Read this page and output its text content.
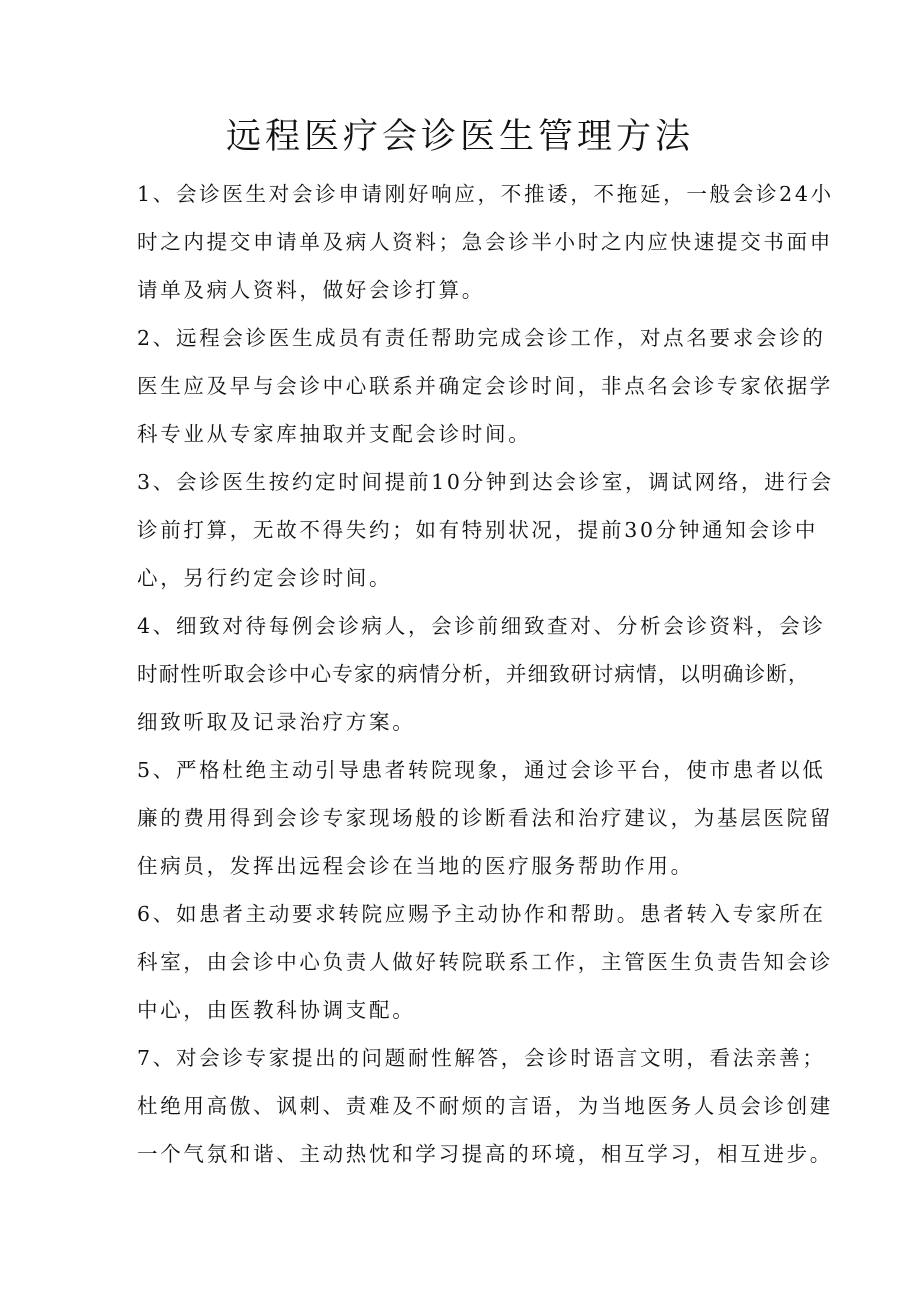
远程医疗会诊医生管理方法
1、会诊医生对会诊申请刚好响应，不推诿，不拖延，一般会诊24小
时之内提交申请单及病人资料；急会诊半小时之内应快速提交书面申
请单及病人资料，做好会诊打算。
2、远程会诊医生成员有责任帮助完成会诊工作，对点名要求会诊的
医生应及早与会诊中心联系并确定会诊时间，非点名会诊专家依据学
科专业从专家库抽取并支配会诊时间。
3、会诊医生按约定时间提前10分钟到达会诊室，调试网络，进行会
诊前打算，无故不得失约；如有特别状况，提前30分钟通知会诊中
心，另行约定会诊时间。
4、细致对待每例会诊病人，会诊前细致查对、分析会诊资料，会诊
时耐性听取会诊中心专家的病情分析，并细致研讨病情，以明确诊断，
细致听取及记录治疗方案。
5、严格杜绝主动引导患者转院现象，通过会诊平台，使市患者以低
廉的费用得到会诊专家现场般的诊断看法和治疗建议，为基层医院留
住病员，发挥出远程会诊在当地的医疗服务帮助作用。
6、如患者主动要求转院应赐予主动协作和帮助。患者转入专家所在
科室，由会诊中心负责人做好转院联系工作，主管医生负责告知会诊
中心，由医教科协调支配。
7、对会诊专家提出的问题耐性解答，会诊时语言文明，看法亲善；
杜绝用高傲、讽刺、责难及不耐烦的言语，为当地医务人员会诊创建
一个气氛和谐、主动热忱和学习提高的环境，相互学习，相互进步。
